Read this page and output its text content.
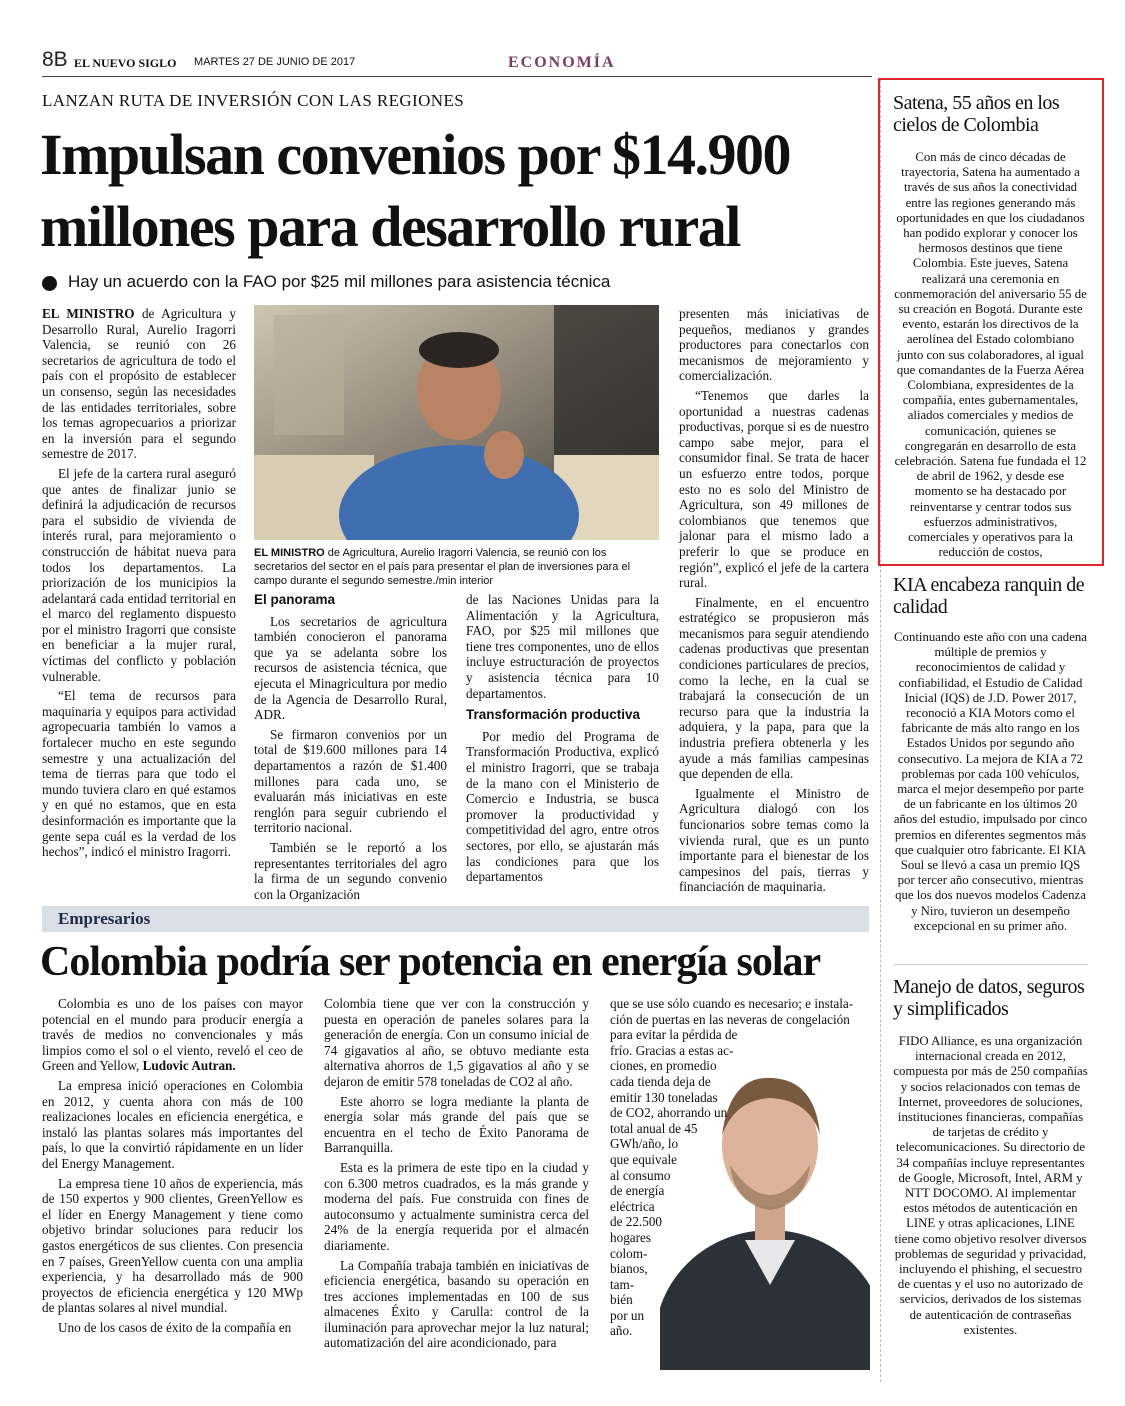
8B EL NUEVO SIGLO MARTES 27 DE JUNIO DE 2017	ECONOMÍA
LANZAN RUTA DE INVERSIÓN CON LAS REGIONES
Impulsan convenios por $14.900
millones para desarrollo rural
Hay un acuerdo con la FAO por $25 mil millones para asistencia técnica

EL MINISTRO de Agricultura y Desarrollo Rural, Aurelio Iragorri Valencia, se reunió con 26 secretarios de agricultura de todo el país con el propósito de establecer un consenso, según las necesidades de las entidades territoriales, sobre los temas agropecuarios a priorizar en la inversión para el segundo semestre de 2017.

El jefe de la cartera rural aseguró que antes de finalizar junio se definirá la adjudicación de recursos para el subsidio de vivienda de interés rural, para mejoramiento o construcción de hábitat nueva para todos los departamentos. La priorización de los municipios la adelantará cada entidad territorial en el marco del reglamento dispuesto por el ministro Iragorri que consiste en beneficiar a la mujer rural, víctimas del conflicto y población vulnerable.

“El tema de recursos para maquinaria y equipos para actividad agropecuaria también lo vamos a fortalecer mucho en este segundo semestre y una actualización del tema de tierras para que todo el mundo tuviera claro en qué estamos y en qué no estamos, que en esta desinformación es importante que la gente sepa cuál es la verdad de los hechos”, indicó el ministro Iragorri.

EL MINISTRO de Agricultura, Aurelio Iragorri Valencia, se reunió con los secretarios del sector en el país para presentar el plan de inversiones para el campo durante el segundo semestre./min interior
El panorama

Los secretarios de agricultura también conocieron el panorama que ya se adelanta sobre los recursos de asistencia técnica, que ejecuta el Minagricultura por medio de la Agencia de Desarrollo Rural, ADR.

Se firmaron convenios por un total de $19.600 millones para 14 departamentos a razón de $1.400 millones para cada uno, se evaluarán más iniciativas en este renglón para seguir cubriendo el territorio nacional.

También se le reportó a los representantes territoriales del agro la firma de un segundo convenio con la Organización

de las Naciones Unidas para la Alimentación y la Agricultura, FAO, por $25 mil millones que tiene tres componentes, uno de ellos incluye estructuración de proyectos y asistencia técnica para 10 departamentos.

Transformación productiva

Por medio del Programa de Transformación Productiva, explicó el ministro Iragorri, que se trabaja de la mano con el Ministerio de Comercio e Industria, se busca promover la productividad y competitividad del agro, entre otros sectores, por ello, se ajustarán más las condiciones para que los departamentos

presenten más iniciativas de pequeños, medianos y grandes productores para conectarlos con mecanismos de mejoramiento y comercialización.

“Tenemos que darles la oportunidad a nuestras cadenas productivas, porque si es de nuestro campo sabe mejor, para el consumidor final. Se trata de hacer un esfuerzo entre todos, porque esto no es solo del Ministro de Agricultura, son 49 millones de colombianos que tenemos que jalonar para el mismo lado a preferir lo que se produce en región”, explicó el jefe de la cartera rural.

Finalmente, en el encuentro estratégico se propusieron más mecanismos para seguir atendiendo cadenas productivas que presentan condiciones particulares de precios, como la leche, en la cual se trabajará la consecución de un recurso para que la industria la adquiera, y la papa, para que la industria prefiera obtenerla y les ayude a más familias campesinas que dependen de ella.

Igualmente el Ministro de Agricultura dialogó con los funcionarios sobre temas como la vivienda rural, que es un punto importante para el bienestar de los campesinos del país, tierras y financiación de maquinaria.

Empresarios
Colombia podría ser potencia en energía solar

Colombia es uno de los países con mayor potencial en el mundo para producir energía a través de medios no convencionales y más limpios como el sol o el viento, reveló el ceo de Green and Yellow, Ludovic Autran.

La empresa inició operaciones en Colombia en 2012, y cuenta ahora con más de 100 realizaciones locales en eficiencia energética, e instaló las plantas solares más importantes del país, lo que la convirtió rápidamente en un líder del Energy Management.

La empresa tiene 10 años de experiencia, más de 150 expertos y 900 clientes, GreenYellow es el líder en Energy Management y tiene como objetivo brindar soluciones para reducir los gastos energéticos de sus clientes. Con presencia en 7 países, GreenYellow cuenta con una amplia experiencia, y ha desarrollado más de 900 proyectos de eficiencia energética y 120 MWp de plantas solares al nivel mundial.

Uno de los casos de éxito de la compañía en

Colombia tiene que ver con la construcción y puesta en operación de paneles solares para la generación de energía. Con un consumo inicial de 74 gigavatios al año, se obtuvo mediante esta alternativa ahorros de 1,5 gigavatios al año y se dejaron de emitir 578 toneladas de CO2 al año.

Este ahorro se logra mediante la planta de energía solar más grande del país que se encuentra en el techo de Éxito Panorama de Barranquilla.

Esta es la primera de este tipo en la ciudad y con 6.300 metros cuadrados, es la más grande y moderna del país. Fue construida con fines de autoconsumo y actualmente suministra cerca del 24% de la energía requerida por el almacén diariamente.

La Compañía trabaja también en iniciativas de eficiencia energética, basando su operación en tres acciones implementadas en 100 de sus almacenes Éxito y Carulla: control de la iluminación para aprovechar mejor la luz natural; automatización del aire acondicionado, para

que se use sólo cuando es necesario; e instala-
ción de puertas en las neveras de congelación
para evitar la pérdida de
frío. Gracias a estas ac-
ciones, en promedio
cada tienda deja de
emitir 130 toneladas
de CO2, ahorrando un
total anual de 45
GWh/año, lo
que equivale
al consumo
de energía
eléctrica
de 22.500
hogares
colom-
bianos,
tam-
bién
por un
año.
Satena, 55 años en los cielos de Colombia

Con más de cinco décadas de trayectoria, Satena ha aumentado a través de sus años la conectividad entre las regiones generando más oportunidades en que los ciudadanos han podido explorar y conocer los hermosos destinos que tiene Colombia. Este jueves, Satena realizará una ceremonia en conmemoración del aniversario 55 de su creación en Bogotá. Durante este evento, estarán los directivos de la aerolínea del Estado colombiano junto con sus colaboradores, al igual que comandantes de la Fuerza Aérea Colombiana, expresidentes de la compañía, entes gubernamentales, aliados comerciales y medios de comunicación, quienes se congregarán en desarrollo de esta celebración. Satena fue fundada el 12 de abril de 1962, y desde ese momento se ha destacado por reinventarse y centrar todos sus esfuerzos administrativos, comerciales y operativos para la reducción de costos,

KIA encabeza ranquin de calidad

Continuando este año con una cadena múltiple de premios y reconocimientos de calidad y confiabilidad, el Estudio de Calidad Inicial (IQS) de J.D. Power 2017, reconoció a KIA Motors como el fabricante de más alto rango en los Estados Unidos por segundo año consecutivo. La mejora de KIA a 72 problemas por cada 100 vehículos, marca el mejor desempeño por parte de un fabricante en los últimos 20 años del estudio, impulsado por cinco premios en diferentes segmentos más que cualquier otro fabricante. El KIA Soul se llevó a casa un premio IQS por tercer año consecutivo, mientras que los dos nuevos modelos Cadenza y Niro, tuvieron un desempeño excepcional en su primer año.

Manejo de datos, seguros y simplificados

FIDO Alliance, es una organización internacional creada en 2012, compuesta por más de 250 compañías y socios relacionados con temas de Internet, proveedores de soluciones, instituciones financieras, compañías de tarjetas de crédito y telecomunicaciones. Su directorio de 34 compañías incluye representantes de Google, Microsoft, Intel, ARM y NTT DOCOMO. Al implementar estos métodos de autenticación en LINE y otras aplicaciones, LINE tiene como objetivo resolver diversos problemas de seguridad y privacidad, incluyendo el phishing, el secuestro de cuentas y el uso no autorizado de servicios, derivados de los sistemas de autenticación de contraseñas existentes.
